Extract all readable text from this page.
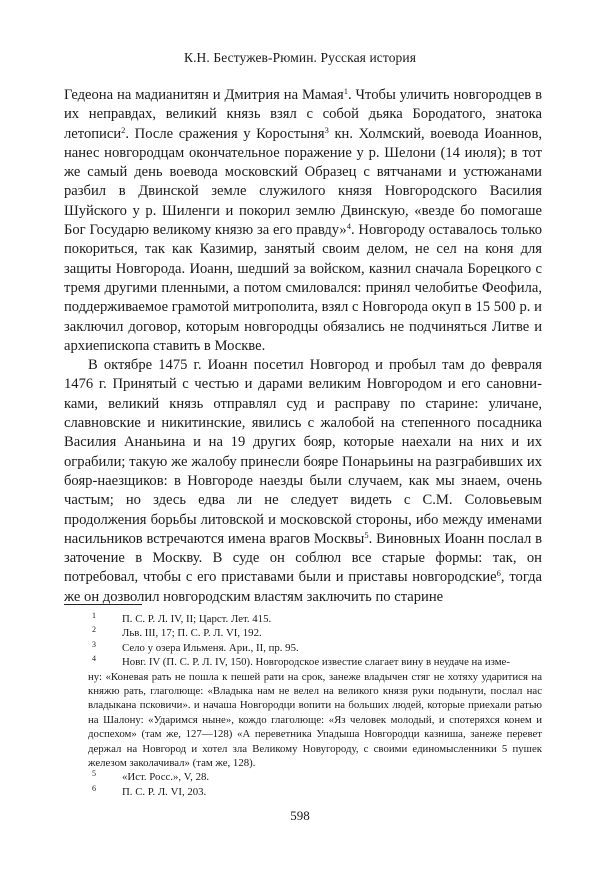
К.Н. Бестужев-Рюмин. Русская история

Гедеона на мадианитян и Дмитрия на Мамая$^1$. Чтобы уличить новгородцев в их неправдах, великий князь взял с собой дьяка Бородатого, знатока летописи$^2$. После сражения у Коростыня$^3$ кн. Холмский, воевода Иоаннов, нанес новгородцам окончательное поражение у р. Шелони (14 июля); в тот же самый день воевода московский Образец с вятчанами и устюжанами разбил в Двинской земле служилого князя Новгородского Василия Шуйского у р. Шиленги и покорил землю Двинскую, «везде бо помогаше Бог Государю великому князю за его правду»$^4$. Новгороду оставалось только покориться, так как Казимир, занятый своим делом, не сел на коня для защиты Новгорода. Иоанн, шедший за войском, казнил сначала Борецкого с тремя другими пленными, а потом смиловался: принял челобитье Феофила, поддерживаемое грамотой митрополита, взял с Новгорода окуп в 15 500 р. и заключил договор, которым новгородцы обязались не подчиняться Литве и архиепископа ставить в Москве.

В октябре 1475 г. Иоанн посетил Новгород и пробыл там до февраля 1476 г. Принятый с честью и дарами великим Новгородом и его сановниками, великий князь отправлял суд и расправу по старине: уличане, славновские и никитинские, явились с жалобой на степенного посадника Василия Ананьина и на 19 других бояр, которые наехали на них и их ограбили; такую же жалобу принесли бояре Понарьины на разграбивших их бояр-наезщиков: в Новгороде наезды были случаем, как мы знаем, очень частым; но здесь едва ли не следует видеть с С.М. Соловьевым продолжения борьбы литовской и московской стороны, ибо между именами насильников встречаются имена врагов Москвы$^5$. Виновных Иоанн послал в заточение в Москву. В суде он соблюл все старые формы: так, он потребовал, чтобы с его приставами были и приставы новгородские$^6$, тогда же он дозволил новгородским властям заключить по старине

1	П. С. Р. Л. IV, II; Царст. Лет. 415.
2	Льв. III, 17; П. С. Р. Л. VI, 192.
3	Село у озера Ильменя. Ари., II, пр. 95.
4	Новг. IV (П. С. Р. Л. IV, 150). Новгородское известие слагает вину в неудаче на изме-
ну: «Коневая рать не пошла к пешей рати на срок, занеже владычен стяг не хотяху ударитися на княжю рать, глаголюще: «Владыка нам не велел на великого князя руки подынути, послал нас владыкана псковичи». и начаша Новгородци вопити на больших людей, которые приехали ратью на Шалону: «Ударимся ныне», кождо глаголюще: «Яз человек молодый, и спотеряхся конем и доспехом» (там же, 127—128) «А перевeтника Упадыша Новгородци казниша, занеже перевет держал на Новгород и хотел зла Великому Новугороду, с своими единомысленники 5 пушек железом заколачивал» (там же, 128).
5	«Ист. Росс.», V, 28.
6	П. С. Р. Л. VI, 203.
598
